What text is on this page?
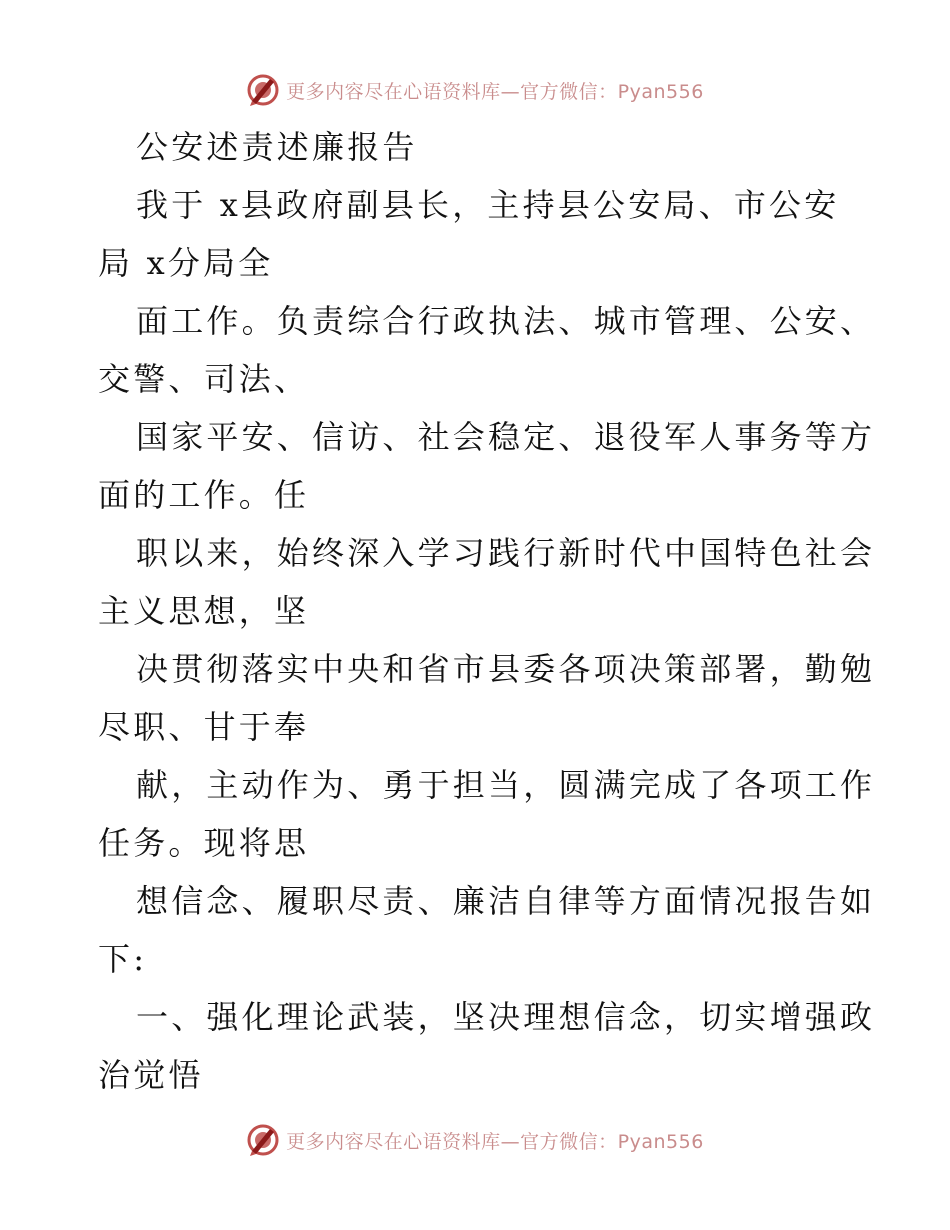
更多内容尽在心语资料库—官方微信：Pyan556
公安述责述廉报告
我于 x县政府副县长，主持县公安局、市公安
局 x分局全
面工作。负责综合行政执法、城市管理、公安、
交警、司法、
国家平安、信访、社会稳定、退役军人事务等方
面的工作。任
职以来，始终深入学习践行新时代中国特色社会
主义思想，坚
决贯彻落实中央和省市县委各项决策部署，勤勉
尽职、甘于奉
献，主动作为、勇于担当，圆满完成了各项工作
任务。现将思
想信念、履职尽责、廉洁自律等方面情况报告如
下:
一、强化理论武装，坚决理想信念，切实增强政
治觉悟
更多内容尽在心语资料库—官方微信：Pyan556
